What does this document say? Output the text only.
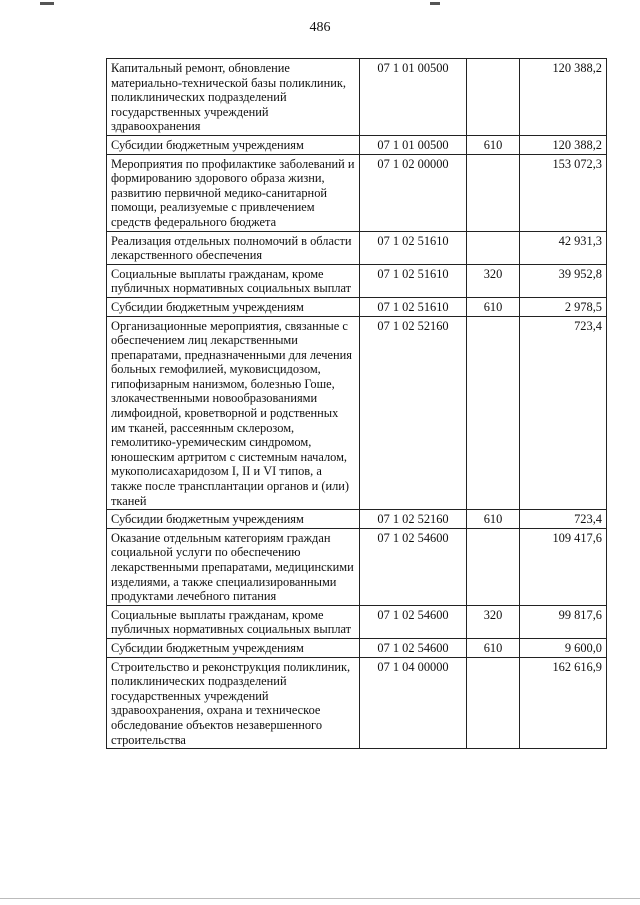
486
Капитальный ремонт, обновление материально-технической базы поликлиник, поликлинических подразделений государственных учреждений здравоохранения	07 1 01 00500		120 388,2
Субсидии бюджетным учреждениям	07 1 01 00500	610	120 388,2
Мероприятия по профилактике заболеваний и формированию здорового образа жизни, развитию первичной медико-санитарной помощи, реализуемые с привлечением средств федерального бюджета	07 1 02 00000		153 072,3
Реализация отдельных полномочий в области лекарственного обеспечения	07 1 02 51610		42 931,3
Социальные выплаты гражданам, кроме публичных нормативных социальных выплат	07 1 02 51610	320	39 952,8
Субсидии бюджетным учреждениям	07 1 02 51610	610	2 978,5
Организационные мероприятия, связанные с обеспечением лиц лекарственными препаратами, предназначенными для лечения больных гемофилией, муковисцидозом, гипофизарным нанизмом, болезнью Гоше, злокачественными новообразованиями лимфоидной, кроветворной и родственных им тканей, рассеянным склерозом, гемолитико-уремическим синдромом, юношеским артритом с системным началом, мукополисахаридозом I, II и VI типов, а также после трансплантации органов и (или) тканей	07 1 02 52160		723,4
Субсидии бюджетным учреждениям	07 1 02 52160	610	723,4
Оказание отдельным категориям граждан социальной услуги по обеспечению лекарственными препаратами, медицинскими изделиями, а также специализированными продуктами лечебного питания	07 1 02 54600		109 417,6
Социальные выплаты гражданам, кроме публичных нормативных социальных выплат	07 1 02 54600	320	99 817,6
Субсидии бюджетным учреждениям	07 1 02 54600	610	9 600,0
Строительство и реконструкция поликлиник, поликлинических подразделений государственных учреждений здравоохранения, охрана и техническое обследование объектов незавершенного строительства	07 1 04 00000		162 616,9
